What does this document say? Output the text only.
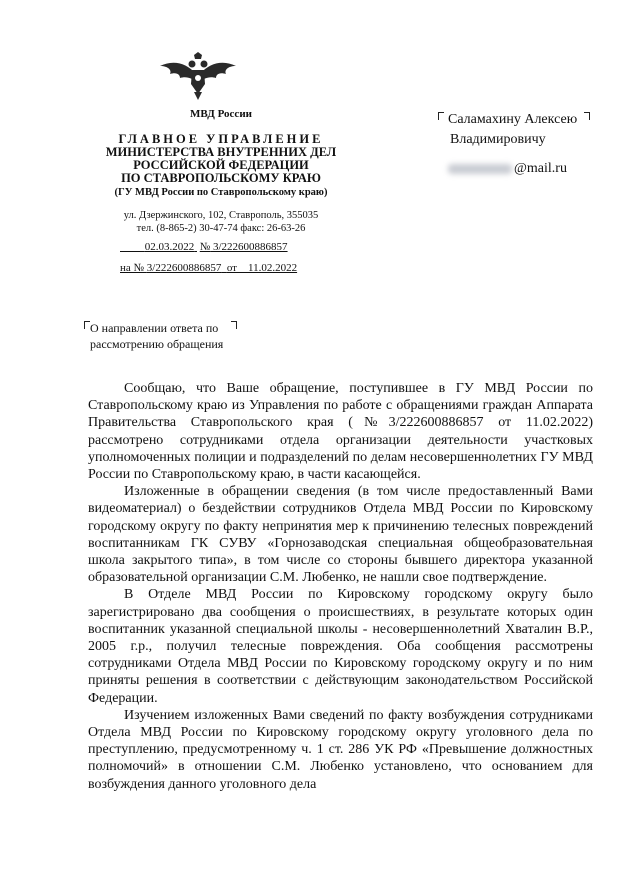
МВД России
ГЛАВНОЕ УПРАВЛЕНИЕ
МИНИСТЕРСТВА ВНУТРЕННИХ ДЕЛ
РОССИЙСКОЙ ФЕДЕРАЦИИ
ПО СТАВРОПОЛЬСКОМУ КРАЮ
(ГУ МВД России по Ставропольскому краю)
ул. Дзержинского, 102, Ставрополь, 355035
тел. (8-865-2) 30-47-74 факс: 26-63-26
02.03.2022 № 3/222600886857
на № 3/222600886857 от 11.02.2022
Саламахину Алексею
Владимировичу
@mail.ru
О направлении ответа по
рассмотрению обращения

Сообщаю, что Ваше обращение, поступившее в ГУ МВД России по Ставропольскому краю из Управления по работе с обращениями граждан Аппарата Правительства Ставропольского края (№3/222600886857 от 11.02.2022) рассмотрено сотрудниками отдела организации деятельности участковых уполномоченных полиции и подразделений по делам несовершеннолетних ГУ МВД России по Ставропольскому краю, в части касающейся.

Изложенные в обращении сведения (в том числе предоставленный Вами видеоматериал) о бездействии сотрудников Отдела МВД России по Кировскому городскому округу по факту непринятия мер к причинению телесных повреждений воспитанникам ГК СУВУ «Горнозаводская специальная общеобразовательная школа закрытого типа», в том числе со стороны бывшего директора указанной образовательной организации С.М. Любенко, не нашли свое подтверждение.

В Отделе МВД России по Кировскому городскому округу было зарегистрировано два сообщения о происшествиях, в результате которых один воспитанник указанной специальной школы - несовершеннолетний Хваталин В.Р., 2005 г.р., получил телесные повреждения. Оба сообщения рассмотрены сотрудниками Отдела МВД России по Кировскому городскому округу и по ним приняты решения в соответствии с действующим законодательством Российской Федерации.

Изучением изложенных Вами сведений по факту возбуждения сотрудниками Отдела МВД России по Кировскому городскому округу уголовного дела по преступлению, предусмотренному ч. 1 ст. 286 УК РФ «Превышение должностных полномочий» в отношении С.М. Любенко установлено, что основанием для возбуждения данного уголовного дела
